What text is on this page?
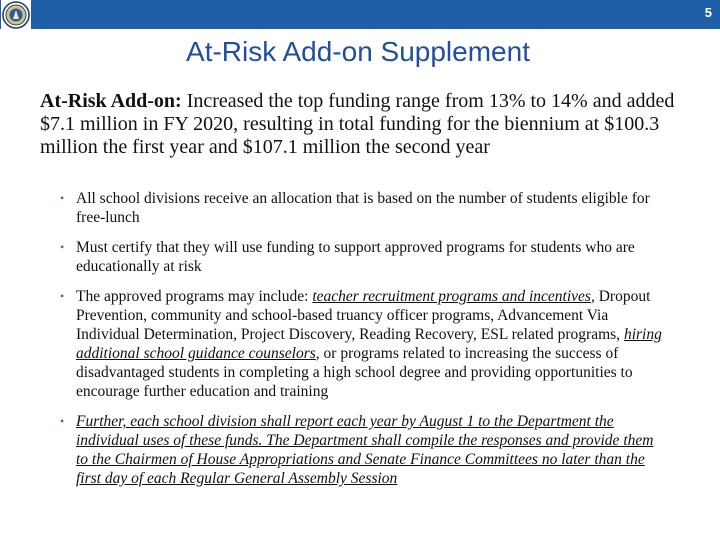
5
At-Risk Add-on Supplement
At-Risk Add-on: Increased the top funding range from 13% to 14% and added $7.1 million in FY 2020, resulting in total funding for the biennium at $100.3 million the first year and $107.1 million the second year
• All school divisions receive an allocation that is based on the number of students eligible for free-lunch
• Must certify that they will use funding to support approved programs for students who are educationally at risk
• The approved programs may include: teacher recruitment programs and incentives, Dropout Prevention, community and school-based truancy officer programs, Advancement Via Individual Determination, Project Discovery, Reading Recovery, ESL related programs, hiring additional school guidance counselors, or programs related to increasing the success of disadvantaged students in completing a high school degree and providing opportunities to encourage further education and training
• Further, each school division shall report each year by August 1 to the Department the individual uses of these funds. The Department shall compile the responses and provide them to the Chairmen of House Appropriations and Senate Finance Committees no later than the first day of each Regular General Assembly Session
